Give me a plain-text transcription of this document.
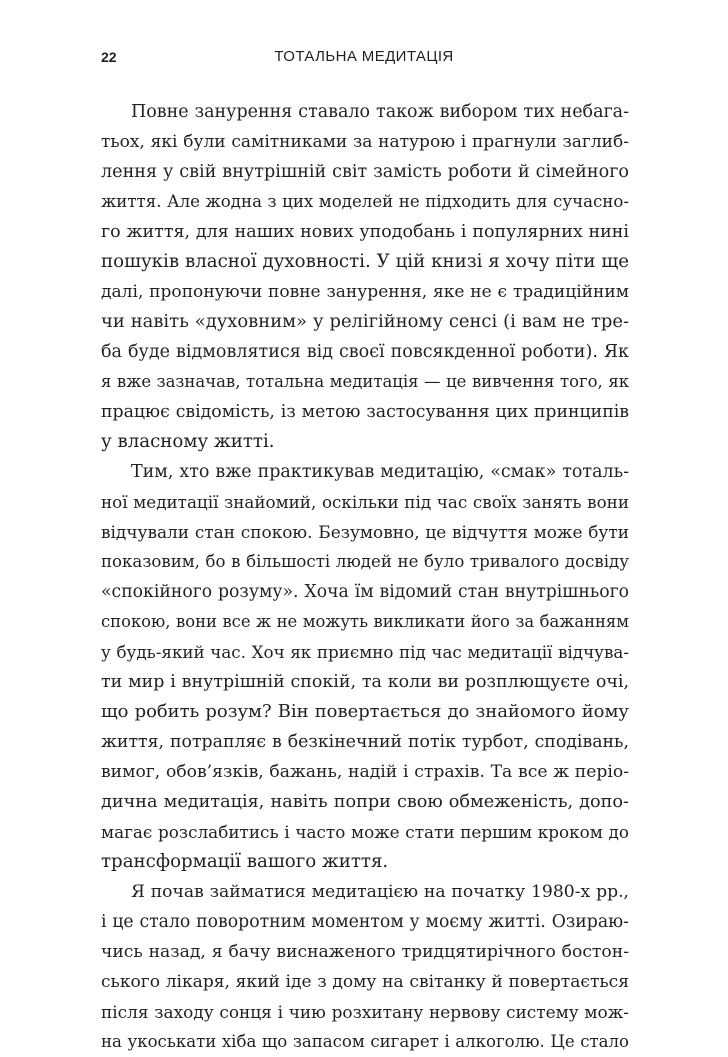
22	ТОТАЛЬНА МЕДИТАЦІЯ
Повне занурення ставало також вибором тих небага-
тьох, які були самітниками за натурою і прагнули заглиб-
лення у свій внутрішній світ замість роботи й сімейного
життя. Але жодна з цих моделей не підходить для сучасно-
го життя, для наших нових уподобань і популярних нині
пошуків власної духовності. У цій книзі я хочу піти ще
далі, пропонуючи повне занурення, яке не є традиційним
чи навіть «духовним» у релігійному сенсі (і вам не тре-
ба буде відмовлятися від своєї повсякденної роботи). Як
я вже зазначав, тотальна медитація — це вивчення того, як
працює свідомість, із метою застосування цих принципів
у власному житті.
Тим, хто вже практикував медитацію, «смак» тоталь-
ної медитації знайомий, оскільки під час своїх занять вони
відчували стан спокою. Безумовно, це відчуття може бути
показовим, бо в більшості людей не було тривалого досвіду
«спокійного розуму». Хоча їм відомий стан внутрішнього
спокою, вони все ж не можуть викликати його за бажанням
у будь-який час. Хоч як приємно під час медитації відчува-
ти мир і внутрішній спокій, та коли ви розплющуєте очі,
що робить розум? Він повертається до знайомого йому
життя, потрапляє в безкінечний потік турбот, сподівань,
вимог, обов’язків, бажань, надій і страхів. Та все ж періо-
дична медитація, навіть попри свою обмеженість, допо-
магає розслабитись і часто може стати першим кроком до
трансформації вашого життя.
Я почав займатися медитацією на початку 1980-х рр.,
і це стало поворотним моментом у моєму житті. Озираю-
чись назад, я бачу виснаженого тридцятирічного бостон-
ського лікаря, який іде з дому на світанку й повертається
після заходу сонця і чию розхитану нервову систему мож-
на укоськати хіба що запасом сигарет і алкоголю. Це стало
